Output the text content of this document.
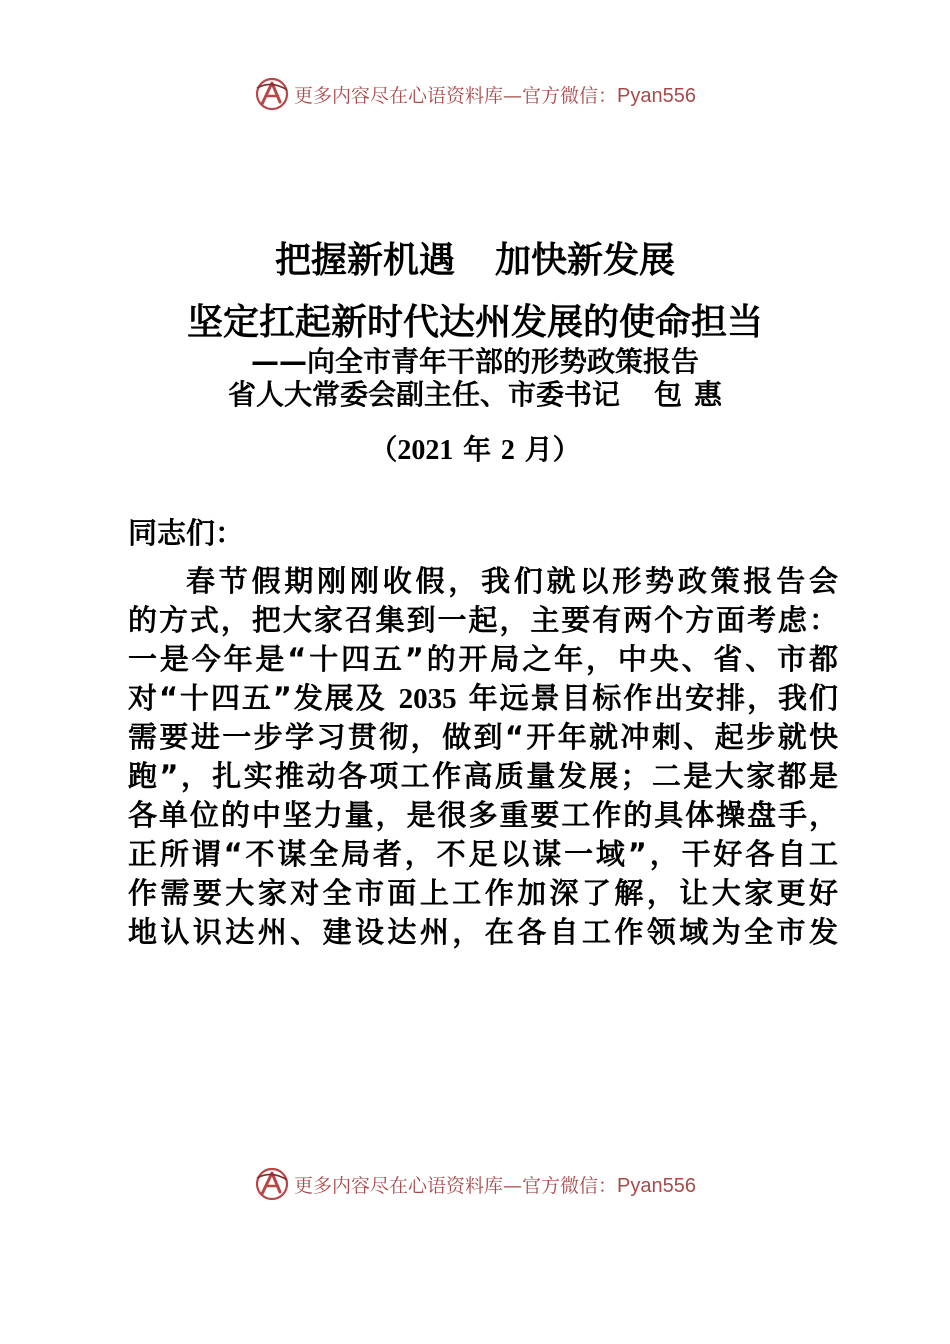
更多内容尽在心语资料库—官方微信：Pyan556
把握新机遇 加快新发展
坚定扛起新时代达州发展的使命担当
——向全市青年干部的形势政策报告
省人大常委会副主任、市委书记 包 惠
（2021 年 2 月）
同志们：
春节假期刚刚收假，我们就以形势政策报告会
的方式，把大家召集到一起，主要有两个方面考虑：
一是今年是“十四五”的开局之年，中央、省、市都
对“十四五”发展及 2035 年远景目标作出安排，我们
需要进一步学习贯彻，做到“开年就冲刺、起步就快
跑”，扎实推动各项工作高质量发展；二是大家都是
各单位的中坚力量，是很多重要工作的具体操盘手，
正所谓“不谋全局者，不足以谋一域”，干好各自工
作需要大家对全市面上工作加深了解，让大家更好
地认识达州、建设达州，在各自工作领域为全市发
更多内容尽在心语资料库—官方微信：Pyan556
